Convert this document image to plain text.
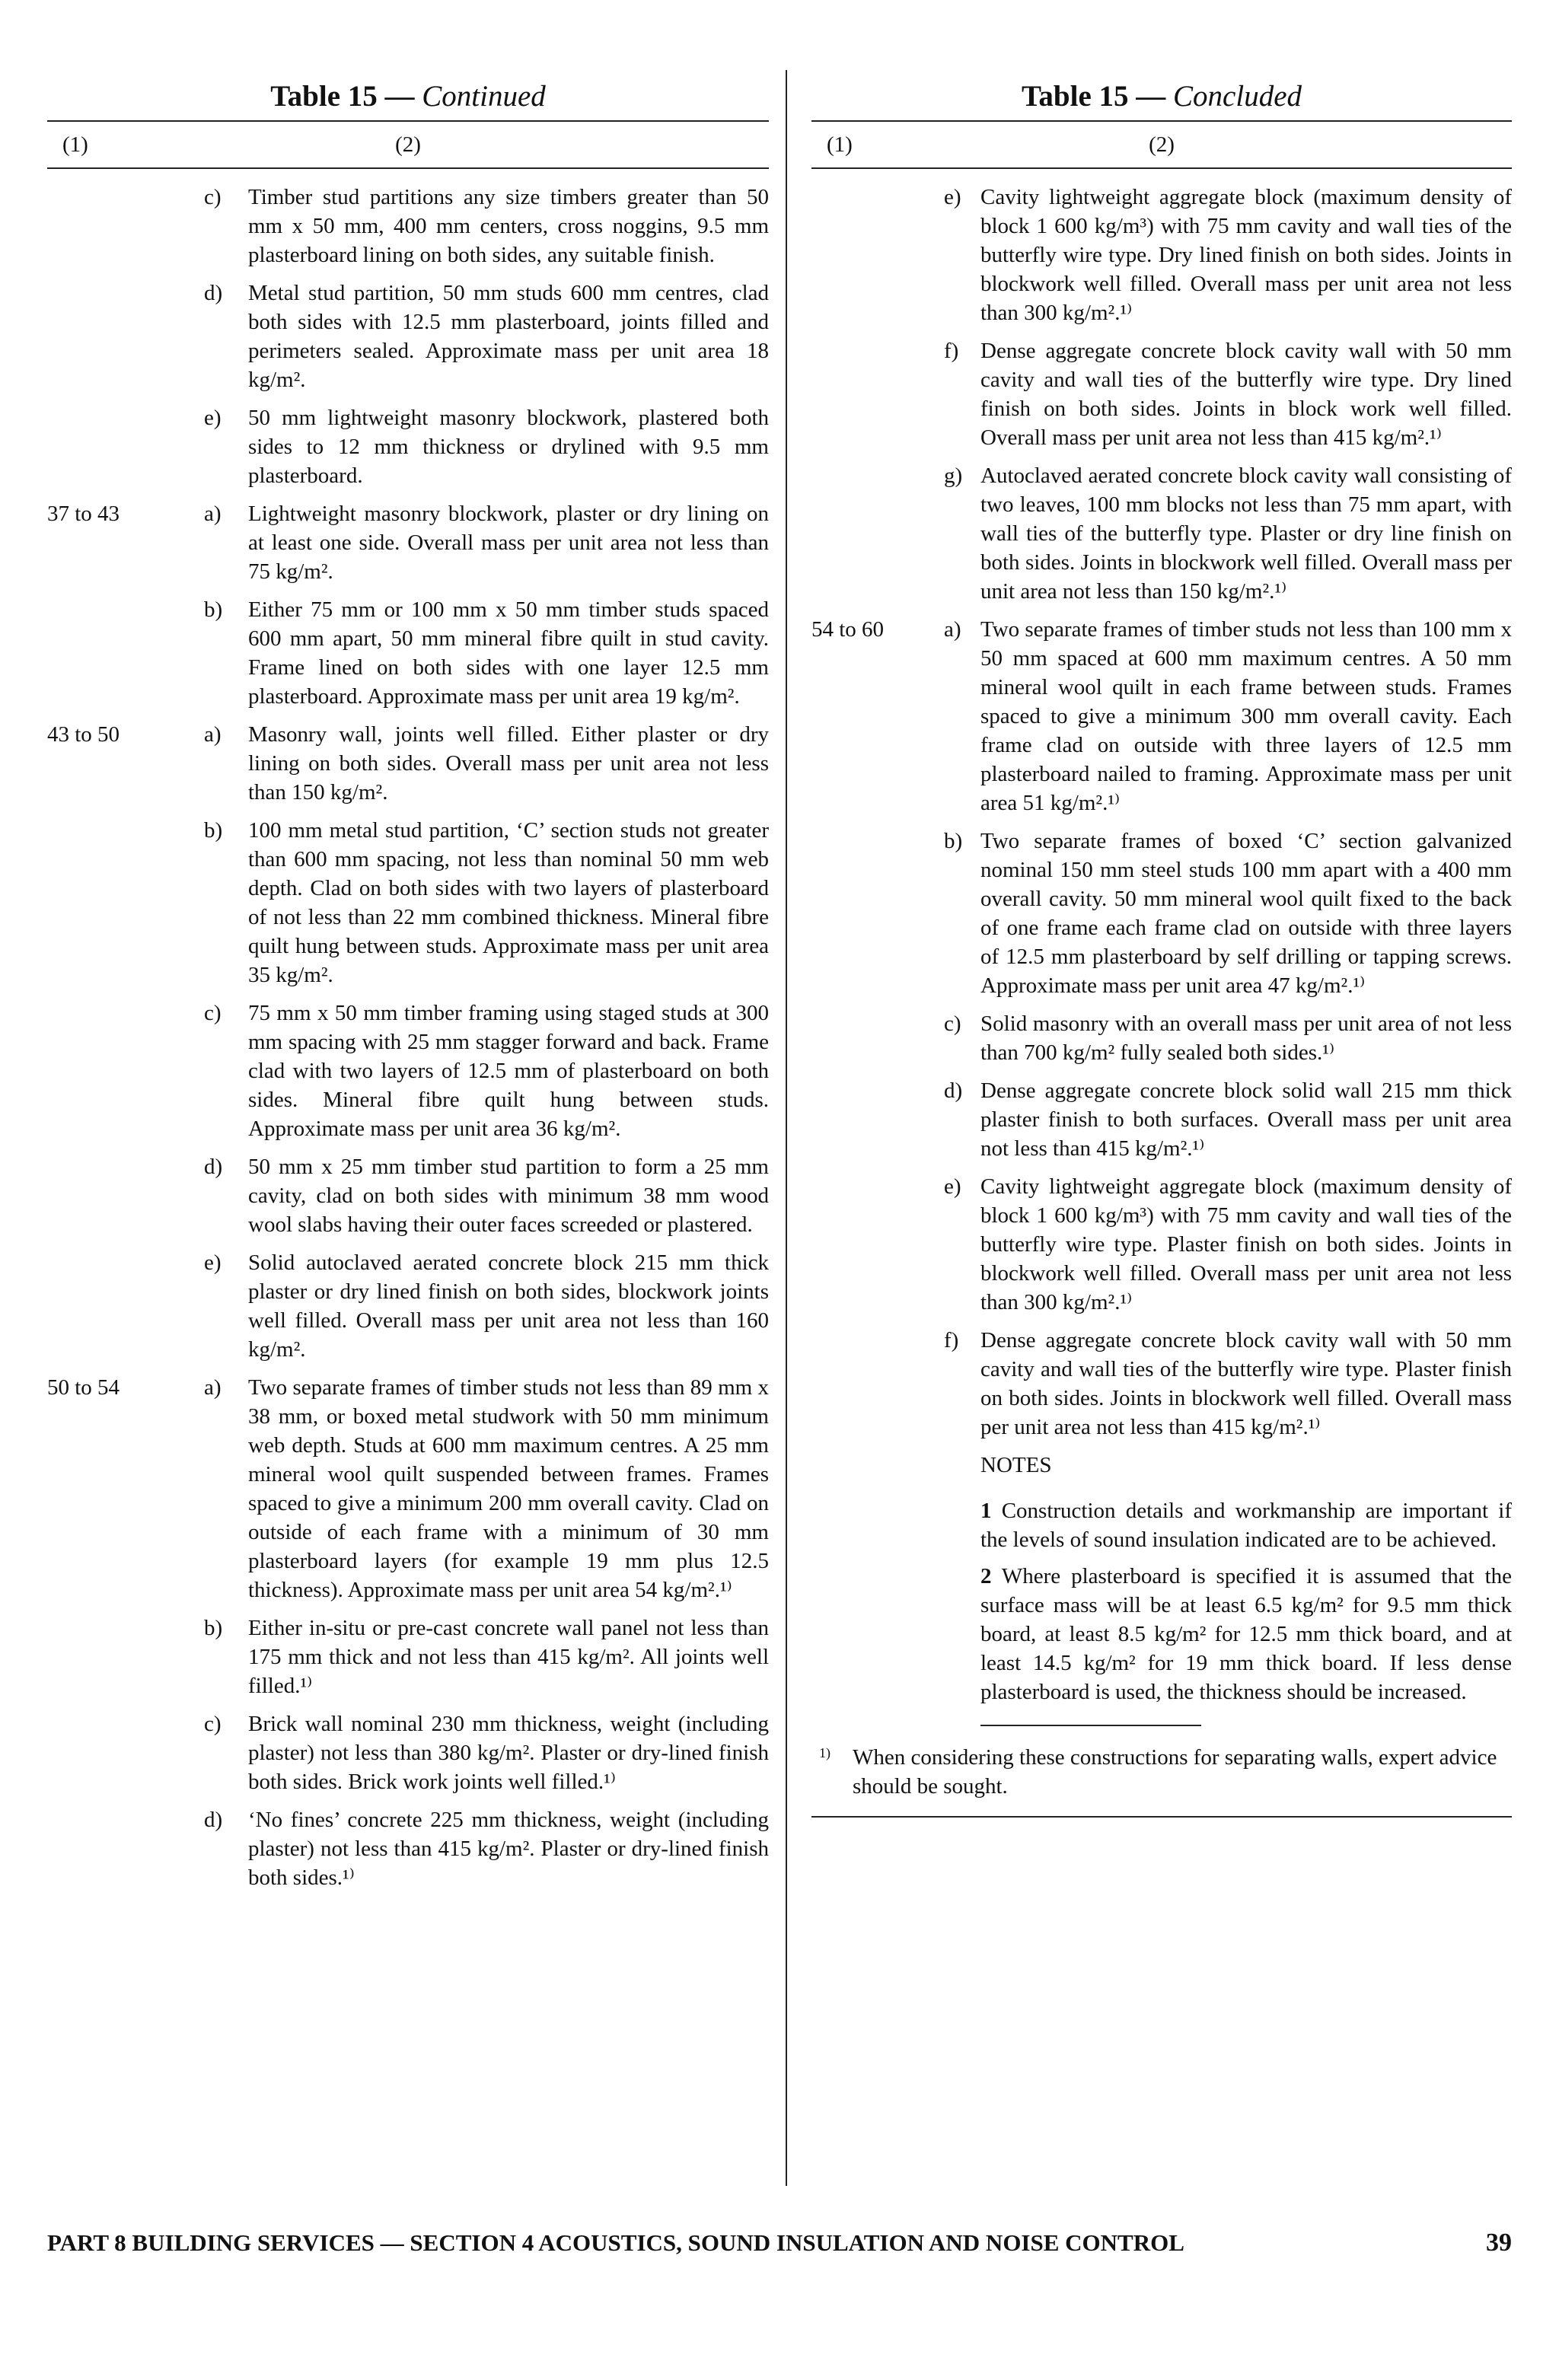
Table 15 — Continued
(1)	(2)
c) Timber stud partitions any size timbers greater than 50 mm x 50 mm, 400 mm centers, cross noggins, 9.5 mm plasterboard lining on both sides, any suitable finish.
d) Metal stud partition, 50 mm studs 600 mm centres, clad both sides with 12.5 mm plasterboard, joints filled and perimeters sealed. Approximate mass per unit area 18 kg/m².
e) 50 mm lightweight masonry blockwork, plastered both sides to 12 mm thickness or drylined with 9.5 mm plasterboard.
37 to 43	a) Lightweight masonry blockwork, plaster or dry lining on at least one side. Overall mass per unit area not less than 75 kg/m².
b) Either 75 mm or 100 mm x 50 mm timber studs spaced 600 mm apart, 50 mm mineral fibre quilt in stud cavity. Frame lined on both sides with one layer 12.5 mm plasterboard. Approximate mass per unit area 19 kg/m².
43 to 50	a) Masonry wall, joints well filled. Either plaster or dry lining on both sides. Overall mass per unit area not less than 150 kg/m².
b) 100 mm metal stud partition, ‘C’ section studs not greater than 600 mm spacing, not less than nominal 50 mm web depth. Clad on both sides with two layers of plasterboard of not less than 22 mm combined thickness. Mineral fibre quilt hung between studs. Approximate mass per unit area 35 kg/m².
c) 75 mm x 50 mm timber framing using staged studs at 300 mm spacing with 25 mm stagger forward and back. Frame clad with two layers of 12.5 mm of plasterboard on both sides. Mineral fibre quilt hung between studs. Approximate mass per unit area 36 kg/m².
d) 50 mm x 25 mm timber stud partition to form a 25 mm cavity, clad on both sides with minimum 38 mm wood wool slabs having their outer faces screeded or plastered.
e) Solid autoclaved aerated concrete block 215 mm thick plaster or dry lined finish on both sides, blockwork joints well filled. Overall mass per unit area not less than 160 kg/m².
50 to 54	a) Two separate frames of timber studs not less than 89 mm x 38 mm, or boxed metal studwork with 50 mm minimum web depth. Studs at 600 mm maximum centres. A 25 mm mineral wool quilt suspended between frames. Frames spaced to give a minimum 200 mm overall cavity. Clad on outside of each frame with a minimum of 30 mm plasterboard layers (for example 19 mm plus 12.5 thickness). Approximate mass per unit area 54 kg/m².¹⁾
b) Either in-situ or pre-cast concrete wall panel not less than 175 mm thick and not less than 415 kg/m². All joints well filled.¹⁾
c) Brick wall nominal 230 mm thickness, weight (including plaster) not less than 380 kg/m². Plaster or dry-lined finish both sides. Brick work joints well filled.¹⁾
d) ‘No fines’ concrete 225 mm thickness, weight (including plaster) not less than 415 kg/m². Plaster or dry-lined finish both sides.¹⁾
Table 15 — Concluded
(1)	(2)
e) Cavity lightweight aggregate block (maximum density of block 1 600 kg/m³) with 75 mm cavity and wall ties of the butterfly wire type. Dry lined finish on both sides. Joints in blockwork well filled. Overall mass per unit area not less than 300 kg/m².¹⁾
f) Dense aggregate concrete block cavity wall with 50 mm cavity and wall ties of the butterfly wire type. Dry lined finish on both sides. Joints in block work well filled. Overall mass per unit area not less than 415 kg/m².¹⁾
g) Autoclaved aerated concrete block cavity wall consisting of two leaves, 100 mm blocks not less than 75 mm apart, with wall ties of the butterfly type. Plaster or dry line finish on both sides. Joints in blockwork well filled. Overall mass per unit area not less than 150 kg/m².¹⁾
54 to 60	a) Two separate frames of timber studs not less than 100 mm x 50 mm spaced at 600 mm maximum centres. A 50 mm mineral wool quilt in each frame between studs. Frames spaced to give a minimum 300 mm overall cavity. Each frame clad on outside with three layers of 12.5 mm plasterboard nailed to framing. Approximate mass per unit area 51 kg/m².¹⁾
b) Two separate frames of boxed ‘C’ section galvanized nominal 150 mm steel studs 100 mm apart with a 400 mm overall cavity. 50 mm mineral wool quilt fixed to the back of one frame each frame clad on outside with three layers of 12.5 mm plasterboard by self drilling or tapping screws. Approximate mass per unit area 47 kg/m².¹⁾
c) Solid masonry with an overall mass per unit area of not less than 700 kg/m² fully sealed both sides.¹⁾
d) Dense aggregate concrete block solid wall 215 mm thick plaster finish to both surfaces. Overall mass per unit area not less than 415 kg/m².¹⁾
e) Cavity lightweight aggregate block (maximum density of block 1 600 kg/m³) with 75 mm cavity and wall ties of the butterfly wire type. Plaster finish on both sides. Joints in blockwork well filled. Overall mass per unit area not less than 300 kg/m².¹⁾
f) Dense aggregate concrete block cavity wall with 50 mm cavity and wall ties of the butterfly wire type. Plaster finish on both sides. Joints in blockwork well filled. Overall mass per unit area not less than 415 kg/m².¹⁾
NOTES
1 Construction details and workmanship are important if the levels of sound insulation indicated are to be achieved.
2 Where plasterboard is specified it is assumed that the surface mass will be at least 6.5 kg/m² for 9.5 mm thick board, at least 8.5 kg/m² for 12.5 mm thick board, and at least 14.5 kg/m² for 19 mm thick board. If less dense plasterboard is used, the thickness should be increased.
1) When considering these constructions for separating walls, expert advice should be sought.
PART 8 BUILDING SERVICES — SECTION 4 ACOUSTICS, SOUND INSULATION AND NOISE CONTROL	39
